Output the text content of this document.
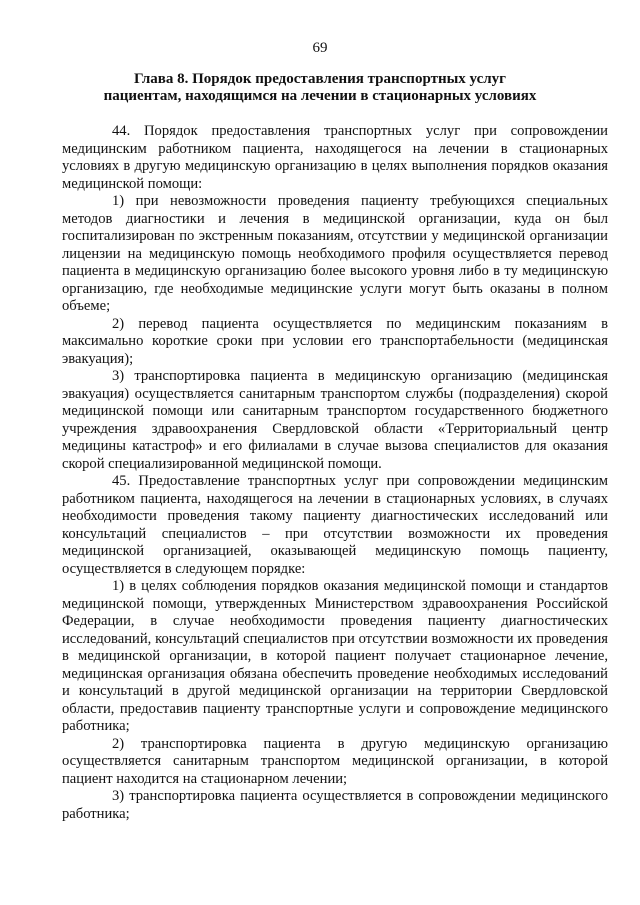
69
Глава 8. Порядок предоставления транспортных услуг пациентам, находящимся на лечении в стационарных условиях

44. Порядок предоставления транспортных услуг при сопровождении медицинским работником пациента, находящегося на лечении в стационарных условиях в другую медицинскую организацию в целях выполнения порядков оказания медицинской помощи:

1) при невозможности проведения пациенту требующихся специальных методов диагностики и лечения в медицинской организации, куда он был госпитализирован по экстренным показаниям, отсутствии у медицинской организации лицензии на медицинскую помощь необходимого профиля осуществляется перевод пациента в медицинскую организацию более высокого уровня либо в ту медицинскую организацию, где необходимые медицинские услуги могут быть оказаны в полном объеме;

2) перевод пациента осуществляется по медицинским показаниям в максимально короткие сроки при условии его транспортабельности (медицинская эвакуация);

3) транспортировка пациента в медицинскую организацию (медицинская эвакуация) осуществляется санитарным транспортом службы (подразделения) скорой медицинской помощи или санитарным транспортом государственного бюджетного учреждения здравоохранения Свердловской области «Территориальный центр медицины катастроф» и его филиалами в случае вызова специалистов для оказания скорой специализированной медицинской помощи.

45. Предоставление транспортных услуг при сопровождении медицинским работником пациента, находящегося на лечении в стационарных условиях, в случаях необходимости проведения такому пациенту диагностических исследований или консультаций специалистов – при отсутствии возможности их проведения медицинской организацией, оказывающей медицинскую помощь пациенту, осуществляется в следующем порядке:

1) в целях соблюдения порядков оказания медицинской помощи и стандартов медицинской помощи, утвержденных Министерством здравоохранения Российской Федерации, в случае необходимости проведения пациенту диагностических исследований, консультаций специалистов при отсутствии возможности их проведения в медицинской организации, в которой пациент получает стационарное лечение, медицинская организация обязана обеспечить проведение необходимых исследований и консультаций в другой медицинской организации на территории Свердловской области, предоставив пациенту транспортные услуги и сопровождение медицинского работника;

2) транспортировка пациента в другую медицинскую организацию осуществляется санитарным транспортом медицинской организации, в которой пациент находится на стационарном лечении;

3) транспортировка пациента осуществляется в сопровождении медицинского работника;
